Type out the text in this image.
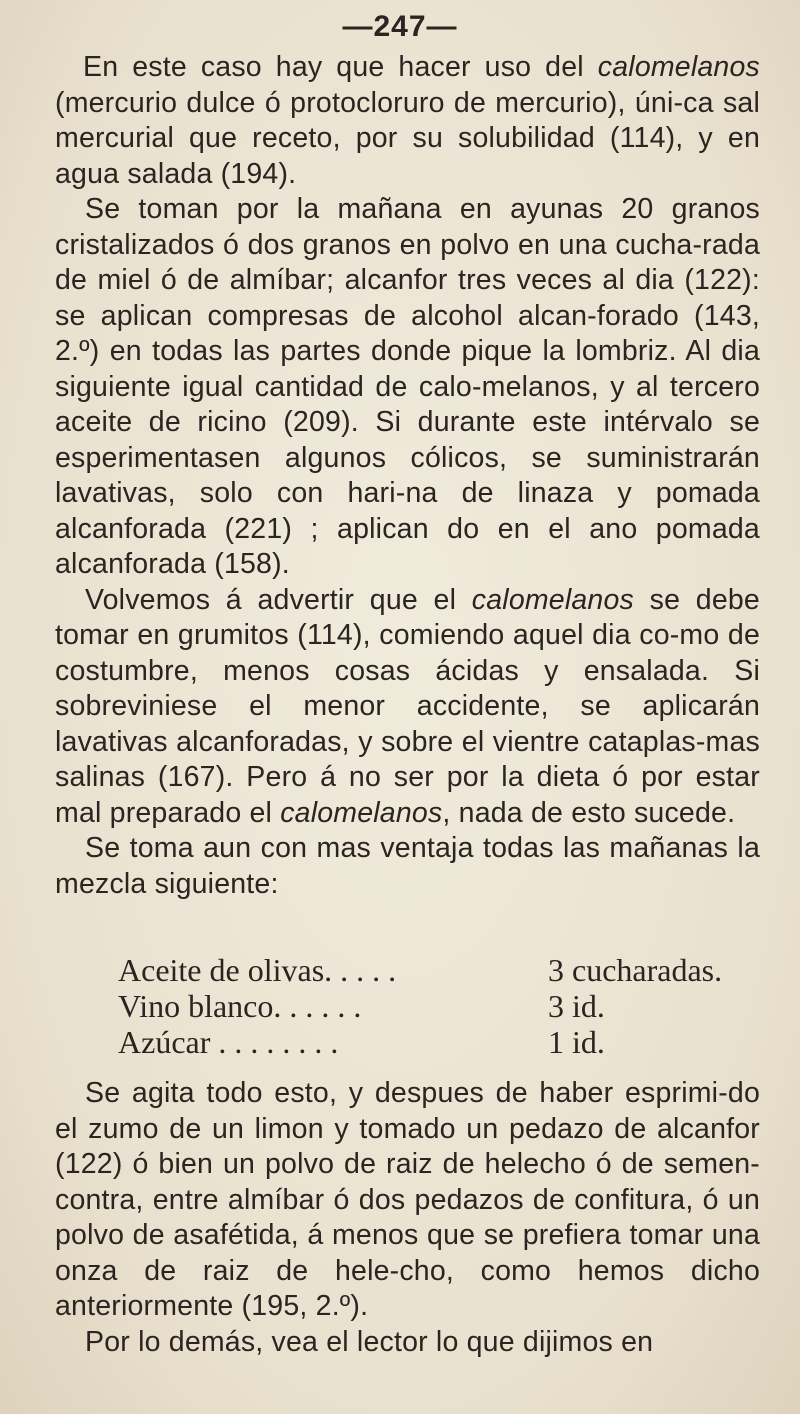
—247—

En este caso hay que hacer uso del calomelanos (mercurio dulce ó protocloruro de mercurio), úni-ca sal mercurial que receto, por su solubilidad (114), y en agua salada (194).

Se toman por la mañana en ayunas 20 granos cristalizados ó dos granos en polvo en una cucha-rada de miel ó de almíbar; alcanfor tres veces al dia (122): se aplican compresas de alcohol alcan-forado (143, 2.º) en todas las partes donde pique la lombriz. Al dia siguiente igual cantidad de calo-melanos, y al tercero aceite de ricino (209). Si durante este intérvalo se esperimentasen algunos cólicos, se suministrarán lavativas, solo con hari-na de linaza y pomada alcanforada (221) ; aplican do en el ano pomada alcanforada (158).

Volvemos á advertir que el calomelanos se debe tomar en grumitos (114), comiendo aquel dia co-mo de costumbre, menos cosas ácidas y ensalada. Si sobreviniese el menor accidente, se aplicarán lavativas alcanforadas, y sobre el vientre cataplas-mas salinas (167). Pero á no ser por la dieta ó por estar mal preparado el calomelanos, nada de esto sucede.

Se toma aun con mas ventaja todas las mañanas la mezcla siguiente:

Aceite de olivas. . . . .	3 cucharadas.
Vino blanco. . . . . .	3 id.
Azúcar . . . . . . . .	1 id.

Se agita todo esto, y despues de haber esprimi-do el zumo de un limon y tomado un pedazo de alcanfor (122) ó bien un polvo de raiz de helecho ó de semen-contra, entre almíbar ó dos pedazos de confitura, ó un polvo de asafétida, á menos que se prefiera tomar una onza de raiz de hele-cho, como hemos dicho anteriormente (195, 2.º).

Por lo demás, vea el lector lo que dijimos en
